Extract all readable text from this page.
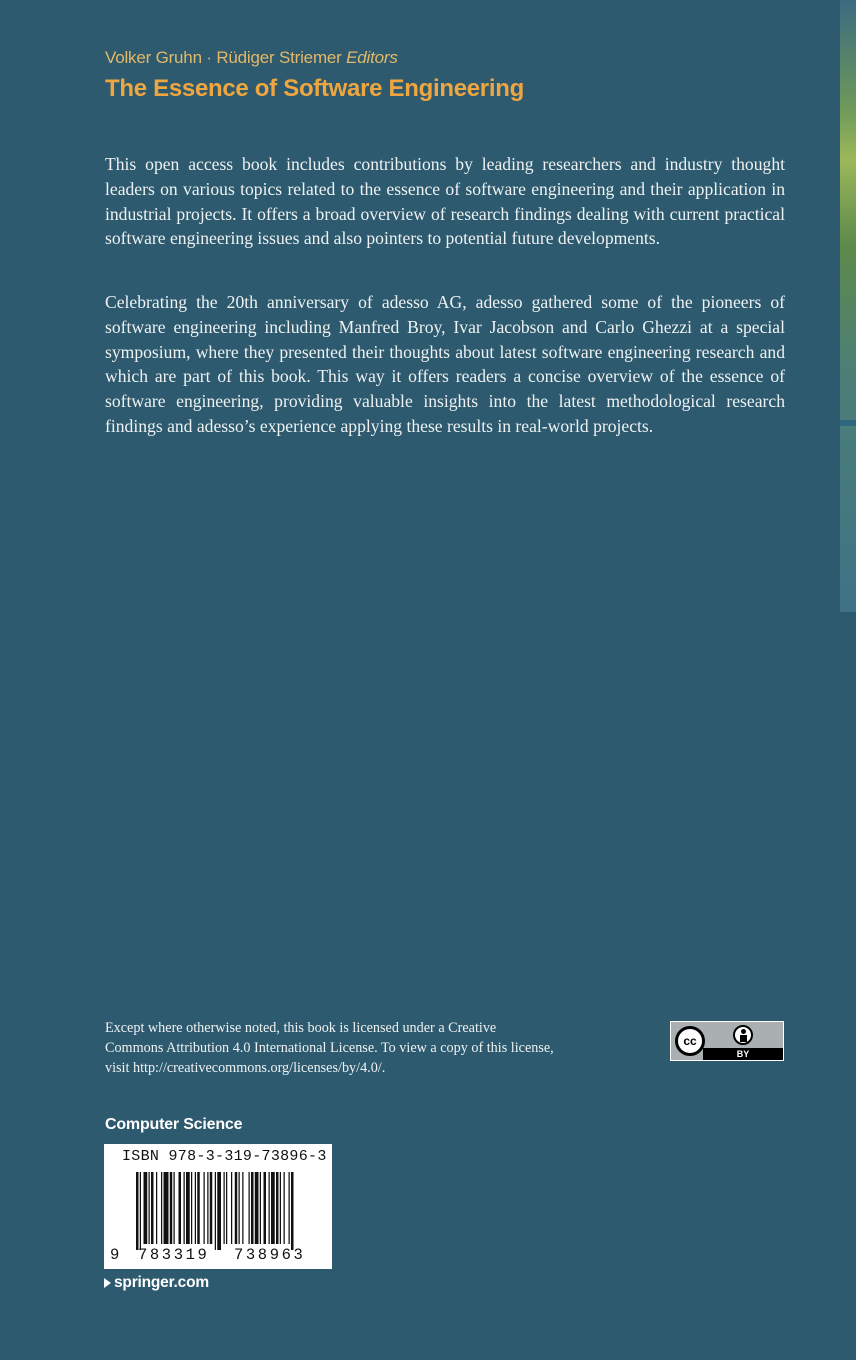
Volker Gruhn · Rüdiger Striemer Editors
The Essence of Software Engineering

This open access book includes contributions by leading researchers and industry thought leaders on various topics related to the essence of software engineering and their application in industrial projects. It offers a broad overview of research findings dealing with current practical software engineering issues and also pointers to potential future developments.

Celebrating the 20th anniversary of adesso AG, adesso gathered some of the pioneers of software engineering including Manfred Broy, Ivar Jacobson and Carlo Ghezzi at a special symposium, where they presented their thoughts about latest software engineering research and which are part of this book. This way it offers readers a concise overview of the essence of software engineering, providing valuable insights into the latest methodological research findings and adesso’s experience applying these results in real-world projects.

Except where otherwise noted, this book is licensed under a Creative Commons Attribution 4.0 International License. To view a copy of this license, visit http://creativecommons.org/licenses/by/4.0/.

cc
BY
Computer Science
ISBN 978-3-319-73896-3
9 783319 738963
springer.com
